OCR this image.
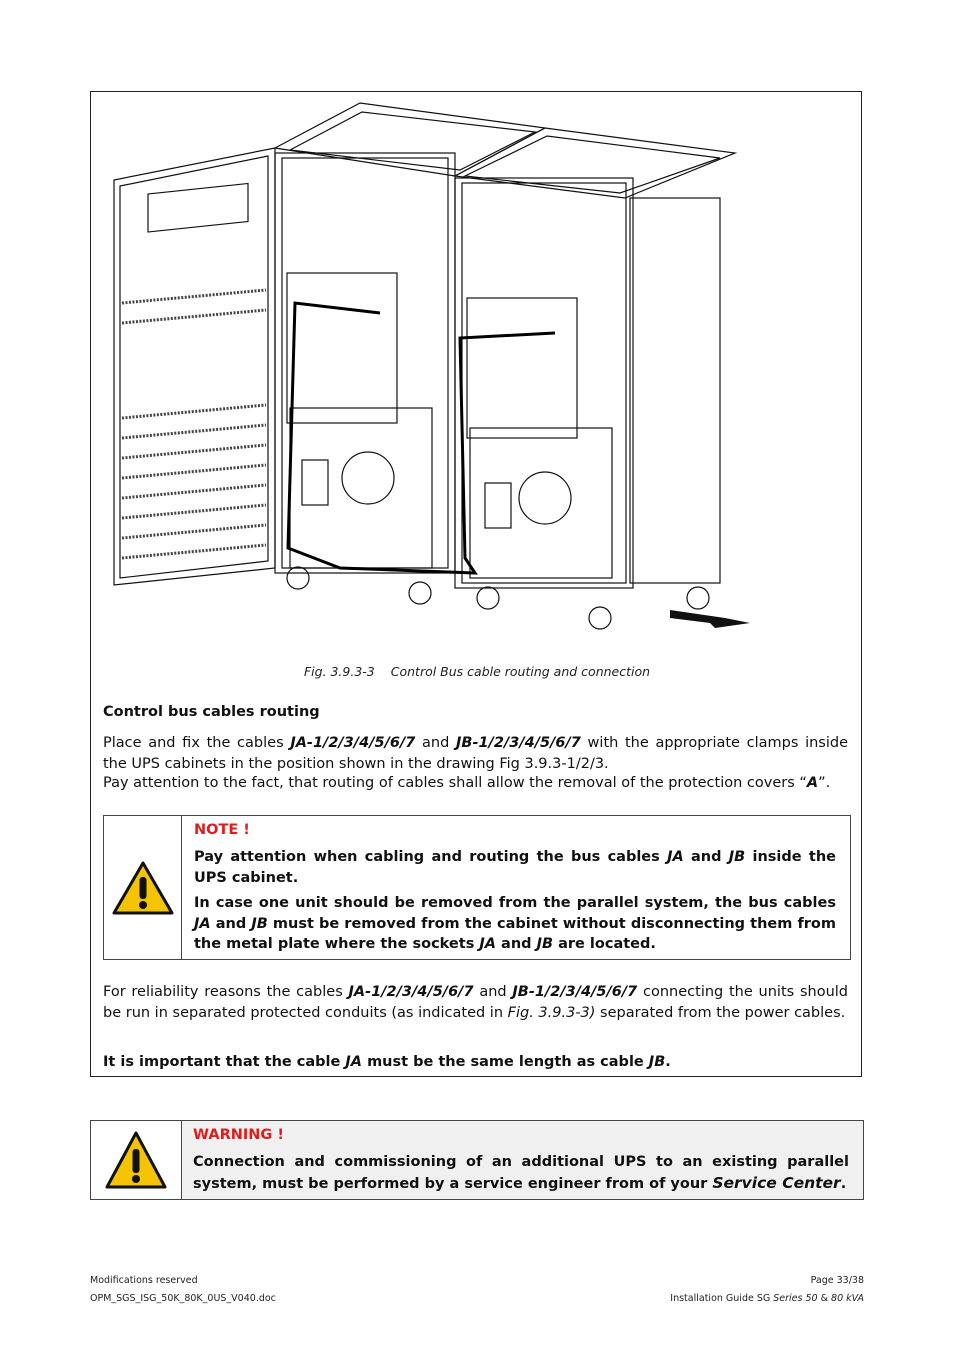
Fig. 3.9.3-3 Control Bus cable routing and connection
Control bus cables routing
Place and fix the cables JA-1/2/3/4/5/6/7 and JB-1/2/3/4/5/6/7 with the appropriate clamps inside the UPS cabinets in the position shown in the drawing Fig 3.9.3-1/2/3.
Pay attention to the fact, that routing of cables shall allow the removal of the protection covers “A”.
NOTE !
Pay attention when cabling and routing the bus cables JA and JB inside the UPS cabinet.
In case one unit should be removed from the parallel system, the bus cables JA and JB must be removed from the cabinet without disconnecting them from the metal plate where the sockets JA and JB are located.
For reliability reasons the cables JA-1/2/3/4/5/6/7 and JB-1/2/3/4/5/6/7 connecting the units should be run in separated protected conduits (as indicated in Fig. 3.9.3-3) separated from the power cables.
It is important that the cable JA must be the same length as cable JB.
WARNING !
Connection and commissioning of an additional UPS to an existing parallel system, must be performed by a service engineer from of your Service Center.
Modifications reserved
OPM_SGS_ISG_50K_80K_0US_V040.doc
Page 33/38
Installation Guide SG Series 50 & 80 kVA
